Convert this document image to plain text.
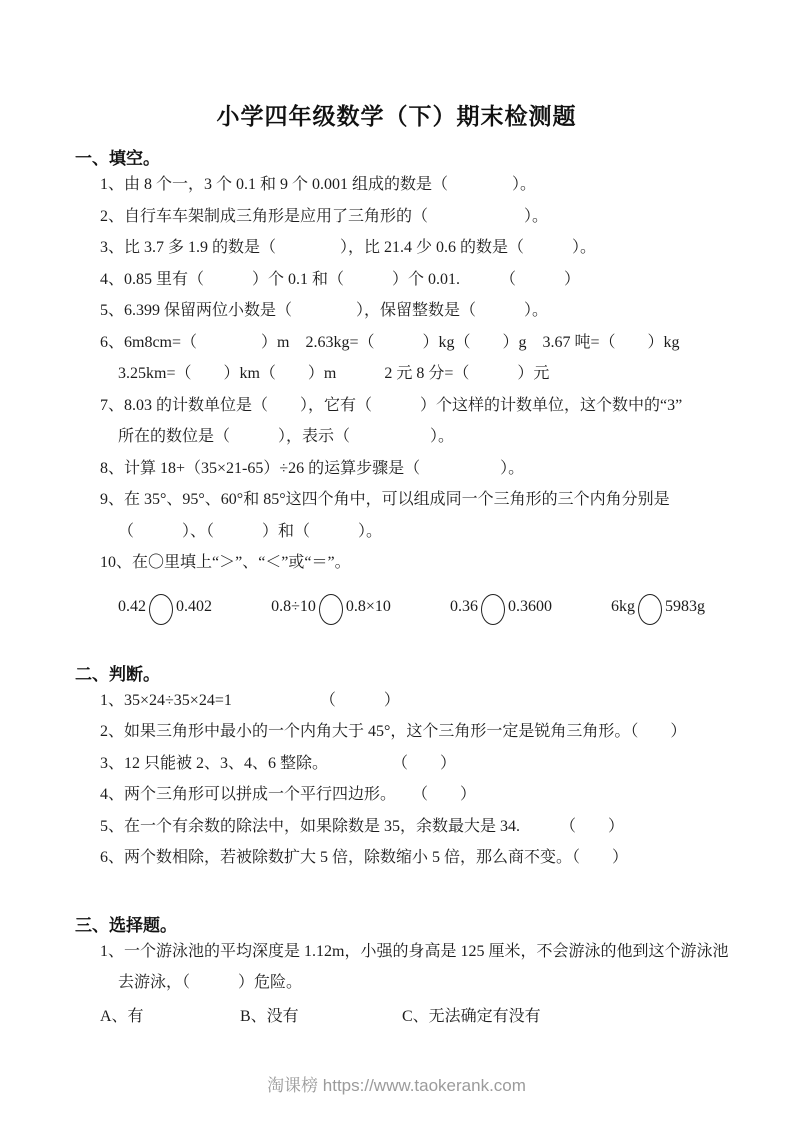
小学四年级数学（下）期末检测题
一、填空。
1、由 8 个一，3 个 0.1 和 9 个 0.001 组成的数是（　　　　）。
2、自行车车架制成三角形是应用了三角形的（　　　　　　）。
3、比 3.7 多 1.9 的数是（　　　　），比 21.4 少 0.6 的数是（　　　）。
4、0.85 里有（　　　）个 0.1 和（　　　）个 0.01.　　　（　　　）
5、6.399 保留两位小数是（　　　　），保留整数是（　　　）。
6、6m8cm=（　　　　）m　2.63kg=（　　　）kg（　　）g　3.67 吨=（　　）kg
3.25km=（　　）km（　　）m　　　2 元 8 分=（　　　）元
7、8.03 的计数单位是（　　），它有（　　　）个这样的计数单位，这个数中的“3”
所在的数位是（　　　），表示（　　　　　）。
8、计算 18+（35×21-65）÷26 的运算步骤是（　　　　　）。
9、在 35°、95°、60°和 85°这四个角中，可以组成同一个三角形的三个内角分别是
（　　　）、（　　　）和（　　　）。
10、在〇里填上“＞”、“＜”或“＝”。
0.42 0.402	0.8÷10 0.8×10	0.36 0.3600	6kg 5983g
二、判断。
1、35×24÷35×24=1　　　　　　（　　　）
2、如果三角形中最小的一个内角大于 45°，这个三角形一定是锐角三角形。（　　）
3、12 只能被 2、3、4、6 整除。　　　　　（　　）
4、两个三角形可以拼成一个平行四边形。　　（　　）
5、在一个有余数的除法中，如果除数是 35，余数最大是 34.　　　（　　）
6、两个数相除，若被除数扩大 5 倍，除数缩小 5 倍，那么商不变。（　　）
三、选择题。
1、一个游泳池的平均深度是 1.12m，小强的身高是 125 厘米，不会游泳的他到这个游泳池
去游泳，（　　　）危险。
A、有	B、没有	C、无法确定有没有
淘课榜 https://www.taokerank.com
